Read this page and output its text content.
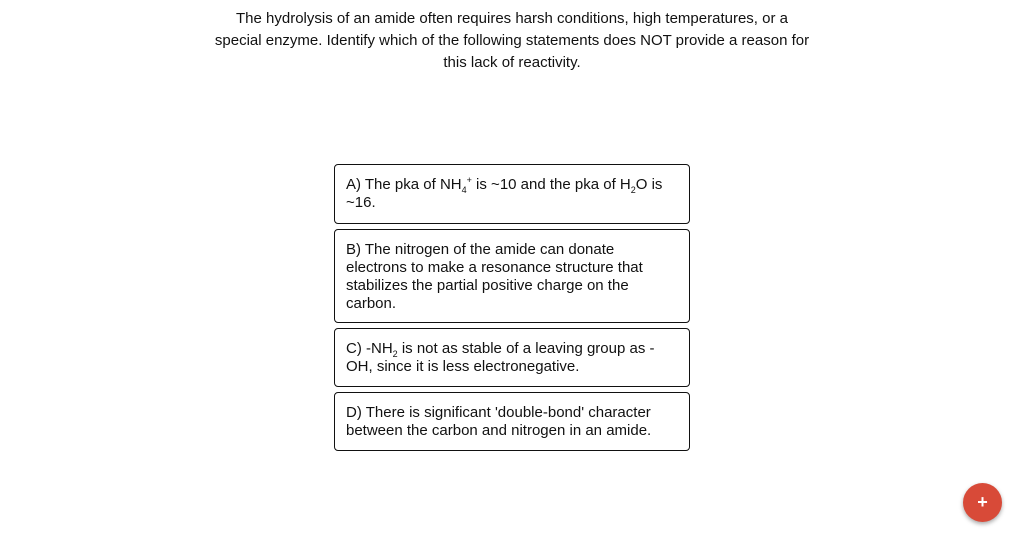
The hydrolysis of an amide often requires harsh conditions, high temperatures, or a special enzyme. Identify which of the following statements does NOT provide a reason for this lack of reactivity.

A) The pka of $NH_4^+$ is ~10 and the pka of $H_2O$ is ~16.
B) The nitrogen of the amide can donate electrons to make a resonance structure that stabilizes the partial positive charge on the carbon.
C) $-NH_2$ is not as stable of a leaving group as -OH, since it is less electronegative.
D) There is significant 'double-bond' character between the carbon and nitrogen in an amide.
+
